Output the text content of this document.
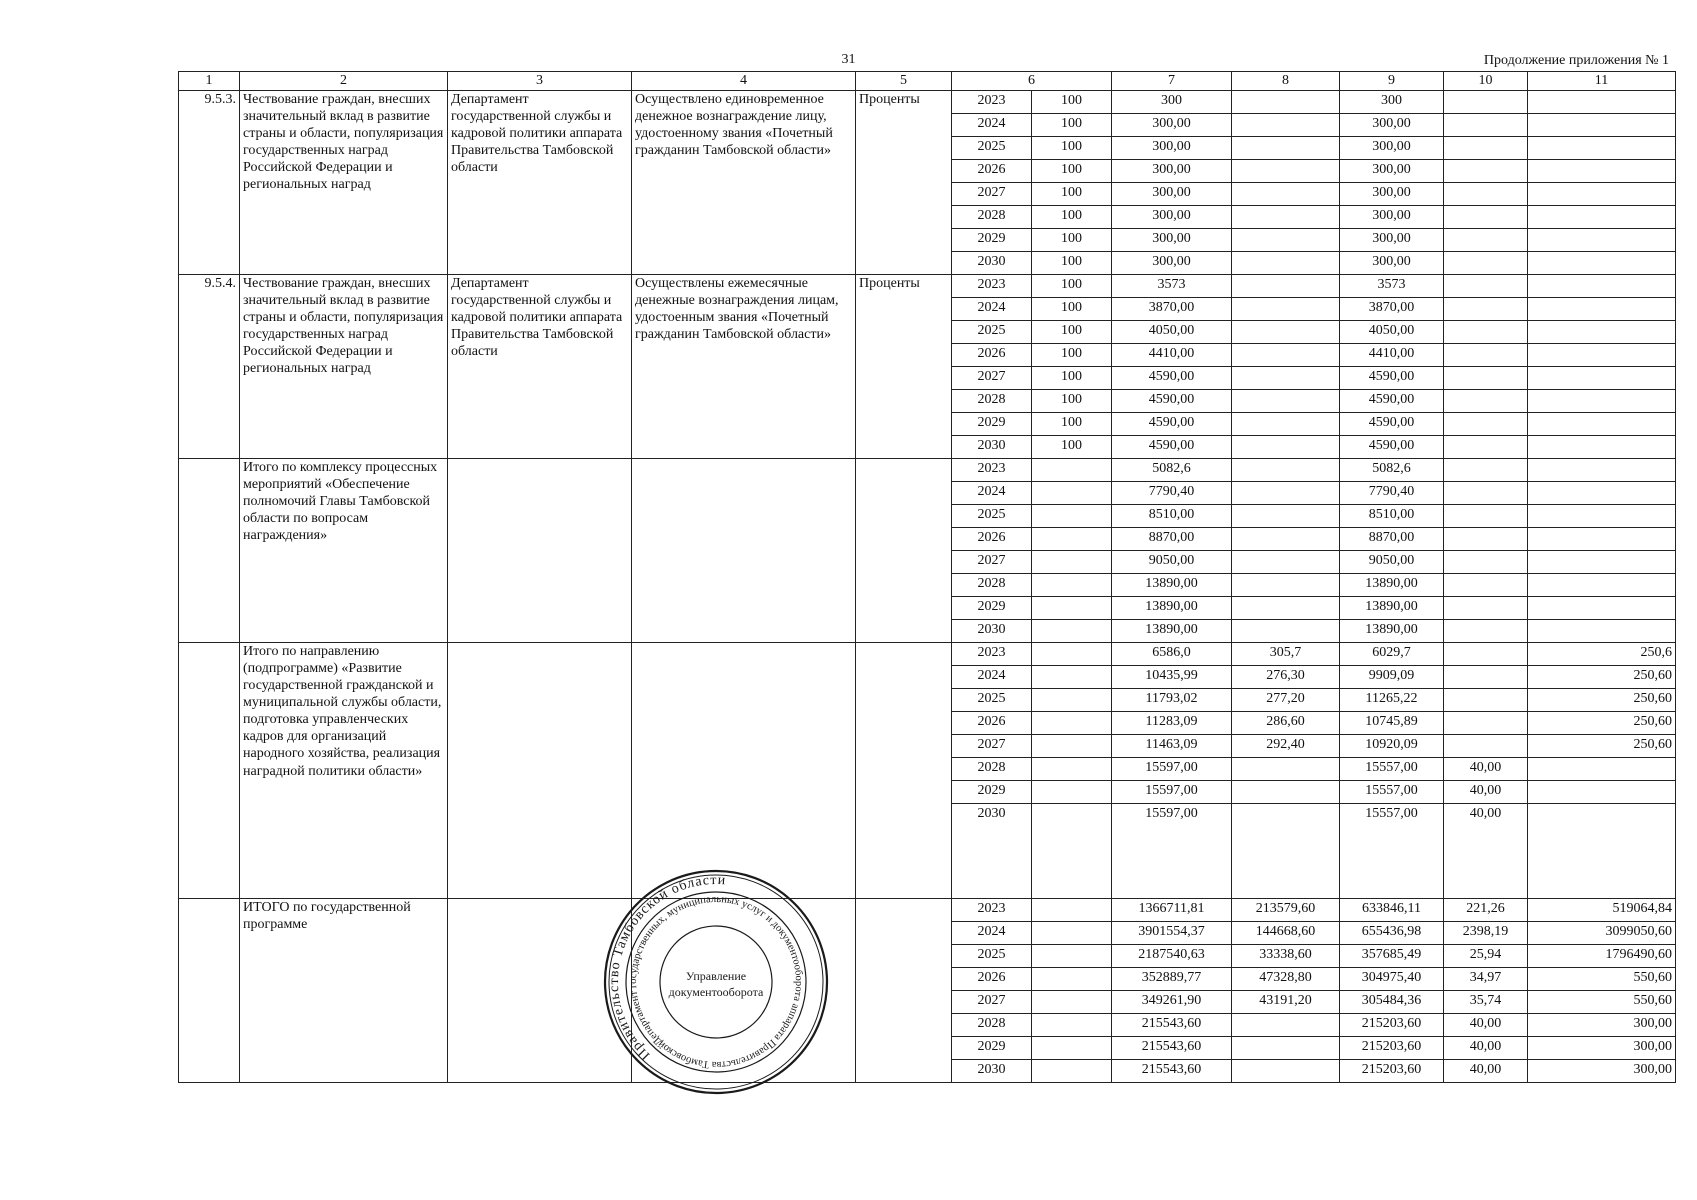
31	Продолжение приложения № 1
1	2	3	4	5	6		7	8	9	10	11
9.5.3.	Чествование граждан, внесших значительный вклад в развитие страны и области, популяризация государственных наград Российской Федерации и региональных наград	Департамент государственной службы и кадровой политики аппарата Правительства Тамбовской области	Осуществлено единовременное денежное вознаграждение лицу, удостоенному звания «Почетный гражданин Тамбовской области»	Проценты	2023	100	300		300		
					2024	100	300,00		300,00		
					2025	100	300,00		300,00		
					2026	100	300,00		300,00		
					2027	100	300,00		300,00		
					2028	100	300,00		300,00		
					2029	100	300,00		300,00		
					2030	100	300,00		300,00		
9.5.4.	Чествование граждан, внесших значительный вклад в развитие страны и области, популяризация государственных наград Российской Федерации и региональных наград	Департамент государственной службы и кадровой политики аппарата Правительства Тамбовской области	Осуществлены ежемесячные денежные вознаграждения лицам, удостоенным звания «Почетный гражданин Тамбовской области»	Проценты	2023	100	3573		3573		
					2024	100	3870,00		3870,00		
					2025	100	4050,00		4050,00		
					2026	100	4410,00		4410,00		
					2027	100	4590,00		4590,00		
					2028	100	4590,00		4590,00		
					2029	100	4590,00		4590,00		
					2030	100	4590,00		4590,00		
	Итого по комплексу процессных мероприятий «Обеспечение полномочий Главы Тамбовской области по вопросам награждения»				2023		5082,6		5082,6		
					2024		7790,40		7790,40		
					2025		8510,00		8510,00		
					2026		8870,00		8870,00		
					2027		9050,00		9050,00		
					2028		13890,00		13890,00		
					2029		13890,00		13890,00		
					2030		13890,00		13890,00		
	Итого по направлению (подпрограмме) «Развитие государственной гражданской и муниципальной службы области, подготовка управленческих кадров для организаций народного хозяйства, реализация наградной политики области»				2023		6586,0	305,7	6029,7		250,6
					2024		10435,99	276,30	9909,09		250,60
					2025		11793,02	277,20	11265,22		250,60
					2026		11283,09	286,60	10745,89		250,60
					2027		11463,09	292,40	10920,09		250,60
					2028		15597,00		15557,00	40,00	
					2029		15597,00		15557,00	40,00	
					2030		15597,00		15557,00	40,00	
	ИТОГО по государственной программе				2023		1366711,81	213579,60	633846,11	221,26	519064,84
					2024		3901554,37	144668,60	655436,98	2398,19	3099050,60
					2025		2187540,63	33338,60	357685,49	25,94	1796490,60
					2026		352889,77	47328,80	304975,40	34,97	550,60
					2027		349261,90	43191,20	305484,36	35,74	550,60
					2028		215543,60		215203,60	40,00	300,00
					2029		215543,60		215203,60	40,00	300,00
					2030		215543,60		215203,60	40,00	300,00
Правительство Тамбовской области
Департамент государственных, муниципальных услуг и документооборота аппарата Правительства Тамбовской
Управление
документооборота
